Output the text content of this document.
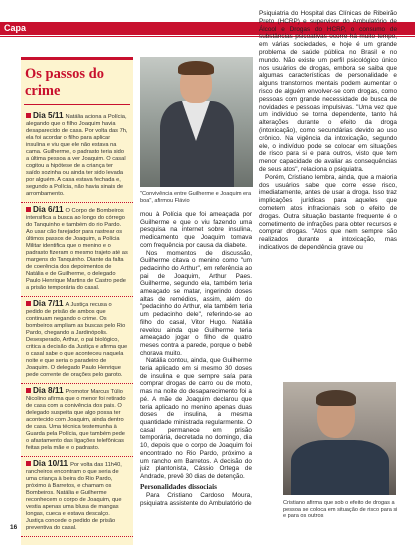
Capa
Os passos do crime
Dia 5/11 Natália aciona a Polícia, alegando que o filho Joaquim havia desaparecido de casa. Por volta das 7h, ela foi acordar o filho para aplicar insulina e viu que ele não estava na cama. Guilherme, o padrasto teria sido a última pessoa a ver Joaquim. O casal cogitou a hipótese de a criança ter saído sozinha ou ainda ter sido levada por alguém. A casa estava fechada e, segundo a Polícia, não havia sinais de arrombamento.
Dia 6/11 O Corpo de Bombeiros intensifica a busca ao longo do córrego do Tanquinho e também do rio Pardo. Ao usar cão farejador para rastrear os últimos passos de Joaquim, a Polícia Militar identifica que o menino e o padrasto fizeram o mesmo trajeto até as margens do Tanquinho. Diante da falta de coerência dos depoimentos de Natália e de Guilherme, o delegado Paulo Henrique Martins de Castro pede a prisão temporária do casal.
Dia 7/11 A Justiça recusa o pedido de prisão de ambos que continuam negando o crime. Os bombeiros ampliam as buscas pelo Rio Pardo, chegando a Jardinópolis. Desesperado, Arthur, o pai biológico, critica a decisão da Justiça e afirma que o casal sabe o que aconteceu naquela noite e que seria o paradeiro de Joaquim. O delegado Paulo Henrique pede corrente de orações pelo garoto.
Dia 8/11 Promotor Marcus Túlio Nicolino afirma que o menor foi retirado de casa com a conivência dos pais. O delegado suspeita que algo possa ter acontecido com Joaquim, ainda dentro de casa. Uma técnica testemunha à Guarda pela Polícia, que também pede o afastamento das ligações telefônicas feitas pela mãe e o padrasto.
Dia 10/11 Por volta das 11h40, rancheiros encontram o que seria de uma criança à beira do Rio Pardo, próximo à Barretos, e chamam os Bombeiros. Natália e Guilherme reconhecem o corpo de Joaquim, que vestia apenas uma blusa de mangas longas, cueca e estava descalço. Justiça concede o pedido de prisão preventiva do casal.
"Convivência entre Guilherme e Joaquim era boa", afirmou Flávio

mou à Polícia que foi ameaçada por Guilherme e que o viu fazendo uma pesquisa na internet sobre insulina, medicamento que Joaquim tomava com frequência por causa da diabete.

Nos momentos de discussão, Guilherme citava o menino como "um pedacinho do Arthur", em referência ao pai de Joaquim, Arthur Paes. Guilherme, segundo ela, também teria ameaçado se matar, ingerindo doses altas de remédios, assim, além do "pedacinho do Arthur, ela também teria um pedacinho dele", referindo-se ao filho do casal, Vitor Hugo. Natália revelou ainda que Guilherme teria ameaçado jogar o filho de quatro meses contra a parede, porque o bebê chorava muito.

Natália contou, ainda, que Guilherme teria aplicado em si mesmo 30 doses de insulina e que sempre saía para comprar drogas de carro ou de moto, mas na noite do desaparecimento foi a pé. A mãe de Joaquim declarou que teria aplicado no menino apenas duas doses de insulina, a mesma quantidade ministrada regularmente. O casal permanece em prisão temporária, decretada no domingo, dia 10, depois que o corpo de Joaquim foi encontrado no Rio Pardo, próximo a um rancho em Barretos. A decisão do juiz plantonista, Cássio Ortega de Andrade, prevê 30 dias de detenção.

Personalidades dissociais

Para Cristiano Cardoso Moura, psiquiatra assistente do Ambulatório de

Psiquiatria do Hospital das Clínicas de Ribeirão Preto (HCRP) e supervisor do Ambulatório de Álcool e Drogas do HCRP, o consumo de substâncias psicoativas ocorre há muito tempo, em várias sociedades, e hoje é um grande problema de saúde pública no Brasil e no mundo. Não existe um perfil psicológico único nos usuários de drogas, embora se saiba que algumas características de personalidade e alguns transtornos mentais podem aumentar o risco de alguém envolver-se com drogas, como pessoas com grande necessidade de busca de novidades e pessoas impulsivas. "Uma vez que um indivíduo se torna dependente, tanto há alterações durante o efeito da droga (intoxicação), como secundárias devido ao uso crônico. Na vigência da intoxicação, segundo ele, o indivíduo pode se colocar em situações de risco para si e para outros, visto que tem menor capacidade de avaliar as consequências de seus atos", relaciona o psiquiatra.

Porém, Cristiano lembra, ainda, que a maioria dos usuários sabe que corre esse risco, imediatamente, antes de usar a droga. Isso traz implicações jurídicas para aqueles que cometem atos infracionais sob o efeito de drogas. Outra situação bastante frequente é o cometimento de infrações para obter recursos e comprar drogas. "Atos que nem sempre são realizados durante a intoxicação, mas indicativos de dependência grave ou

Cristiano afirma que sob o efeito de drogas a pessoa se coloca em situação de risco para si e para os outros
16
